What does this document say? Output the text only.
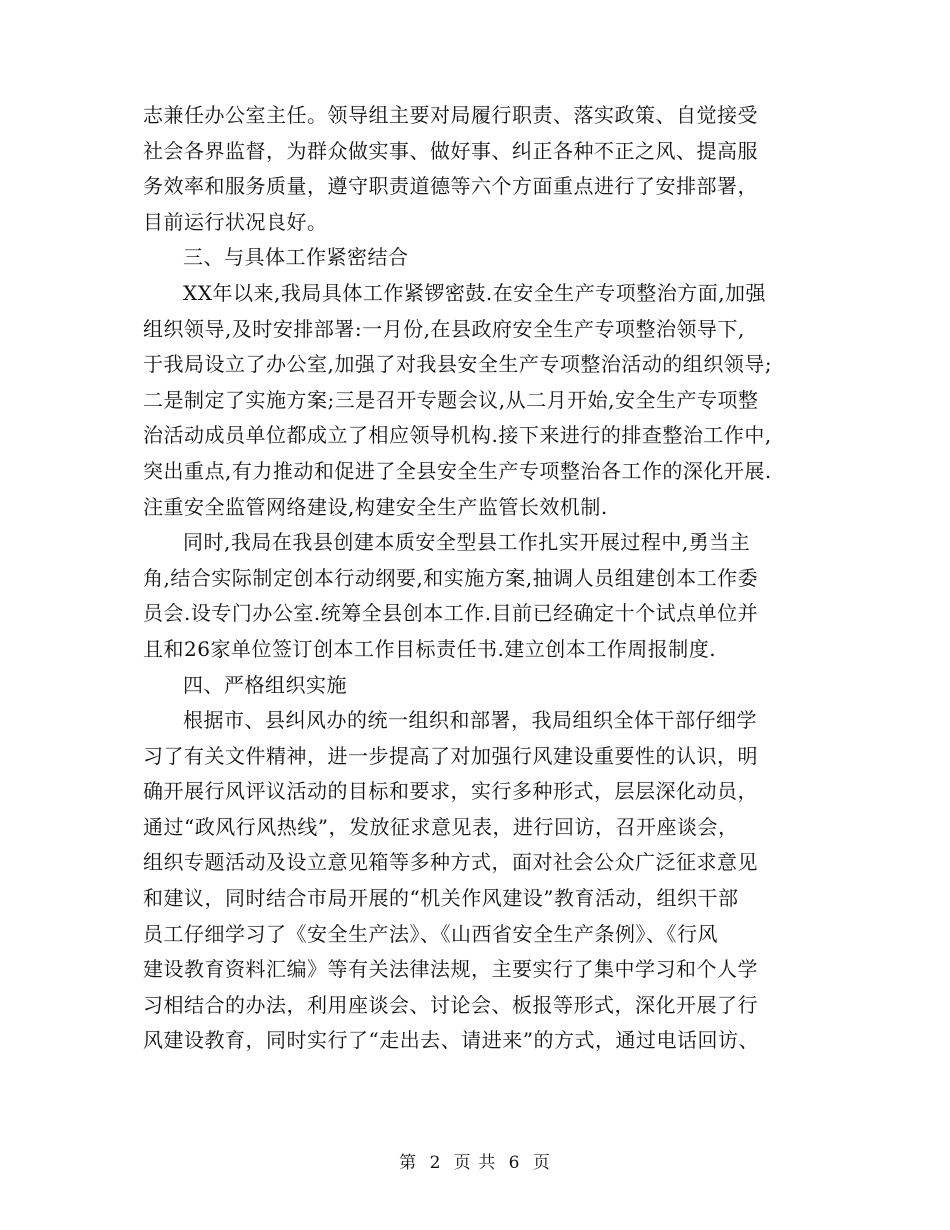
志兼任办公室主任。领导组主要对局履行职责、落实政策、自觉接受
社会各界监督，为群众做实事、做好事、纠正各种不正之风、提高服
务效率和服务质量，遵守职责道德等六个方面重点进行了安排部署，
目前运行状况良好。
三、与具体工作紧密结合
XX年以来,我局具体工作紧锣密鼓.在安全生产专项整治方面,加强
组织领导,及时安排部署:一月份,在县政府安全生产专项整治领导下,
于我局设立了办公室,加强了对我县安全生产专项整治活动的组织领导;
二是制定了实施方案;三是召开专题会议,从二月开始,安全生产专项整
治活动成员单位都成立了相应领导机构.接下来进行的排查整治工作中,
突出重点,有力推动和促进了全县安全生产专项整治各工作的深化开展.
注重安全监管网络建设,构建安全生产监管长效机制.
同时,我局在我县创建本质安全型县工作扎实开展过程中,勇当主
角,结合实际制定创本行动纲要,和实施方案,抽调人员组建创本工作委
员会.设专门办公室.统筹全县创本工作.目前已经确定十个试点单位并
且和26家单位签订创本工作目标责任书.建立创本工作周报制度.
四、严格组织实施
根据市、县纠风办的统一组织和部署，我局组织全体干部仔细学
习了有关文件精神，进一步提高了对加强行风建设重要性的认识，明
确开展行风评议活动的目标和要求，实行多种形式，层层深化动员，
通过“政风行风热线”，发放征求意见表，进行回访，召开座谈会，
组织专题活动及设立意见箱等多种方式，面对社会公众广泛征求意见
和建议，同时结合市局开展的“机关作风建设”教育活动，组织干部
员工仔细学习了《安全生产法》、《山西省安全生产条例》、《行风
建设教育资料汇编》等有关法律法规，主要实行了集中学习和个人学
习相结合的办法，利用座谈会、讨论会、板报等形式，深化开展了行
风建设教育，同时实行了“走出去、请进来”的方式，通过电话回访、
第 2 页 共 6 页
